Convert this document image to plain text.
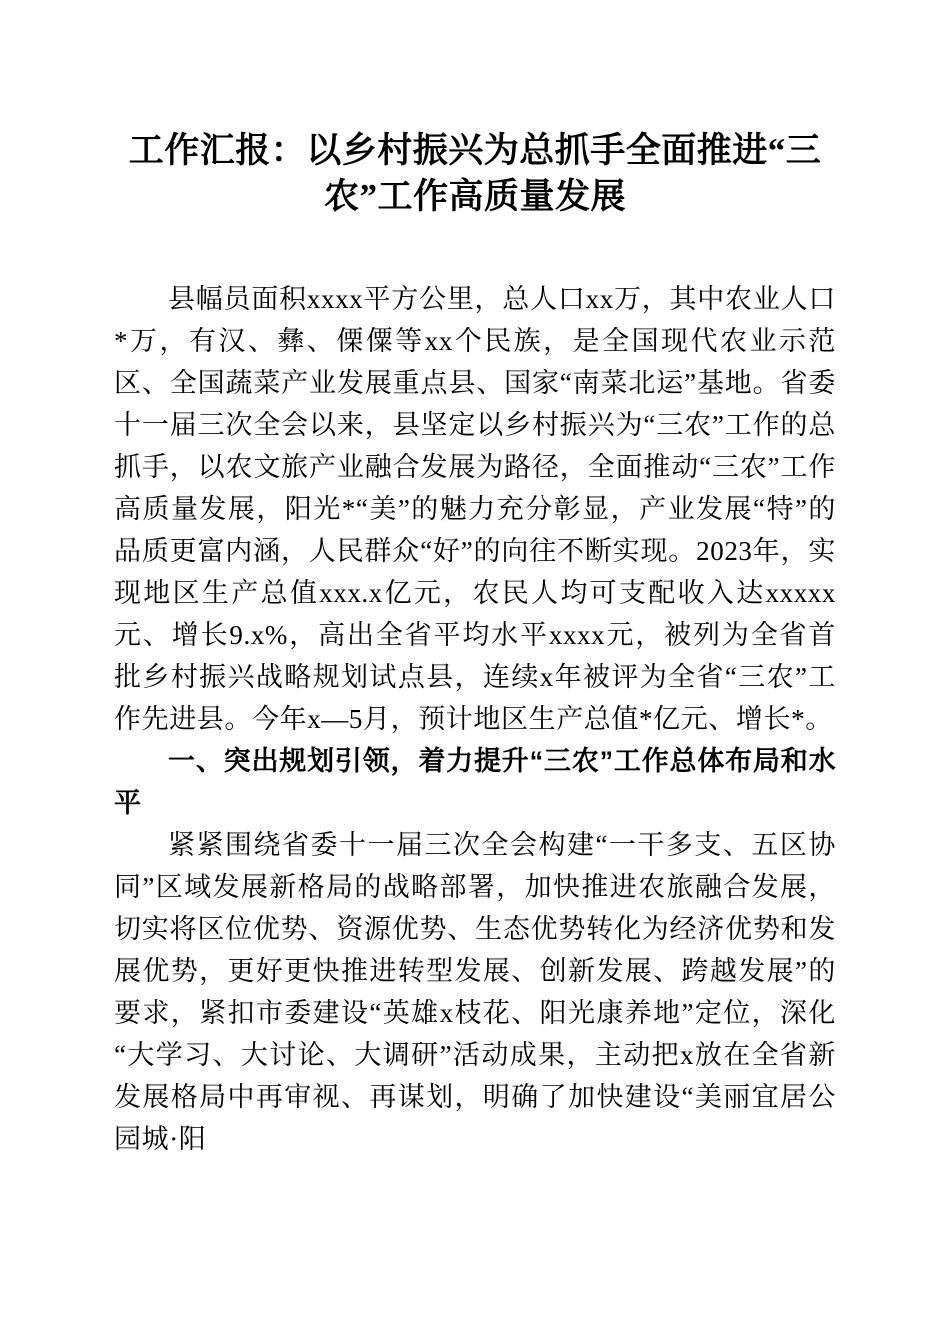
工作汇报：以乡村振兴为总抓手全面推进“三农”工作高质量发展

县幅员面积xxxx平方公里，总人口xx万，其中农业人口*万，有汉、彝、傈僳等xx个民族，是全国现代农业示范区、全国蔬菜产业发展重点县、国家“南菜北运”基地。省委十一届三次全会以来，县坚定以乡村振兴为“三农”工作的总抓手，以农文旅产业融合发展为路径，全面推动“三农”工作高质量发展，阳光*“美”的魅力充分彰显，产业发展“特”的品质更富内涵，人民群众“好”的向往不断实现。2023年，实现地区生产总值xxx.x亿元，农民人均可支配收入达xxxxx元、增长9.x%，高出全省平均水平xxxx元，被列为全省首批乡村振兴战略规划试点县，连续x年被评为全省“三农”工作先进县。今年x—5月，预计地区生产总值*亿元、增长*。

一、突出规划引领，着力提升“三农”工作总体布局和水平

紧紧围绕省委十一届三次全会构建“一干多支、五区协同”区域发展新格局的战略部署，加快推进农旅融合发展，切实将区位优势、资源优势、生态优势转化为经济优势和发展优势，更好更快推进转型发展、创新发展、跨越发展”的要求，紧扣市委建设“英雄x枝花、阳光康养地”定位，深化“大学习、大讨论、大调研”活动成果，主动把x放在全省新发展格局中再审视、再谋划，明确了加快建设“美丽宜居公园城·阳
